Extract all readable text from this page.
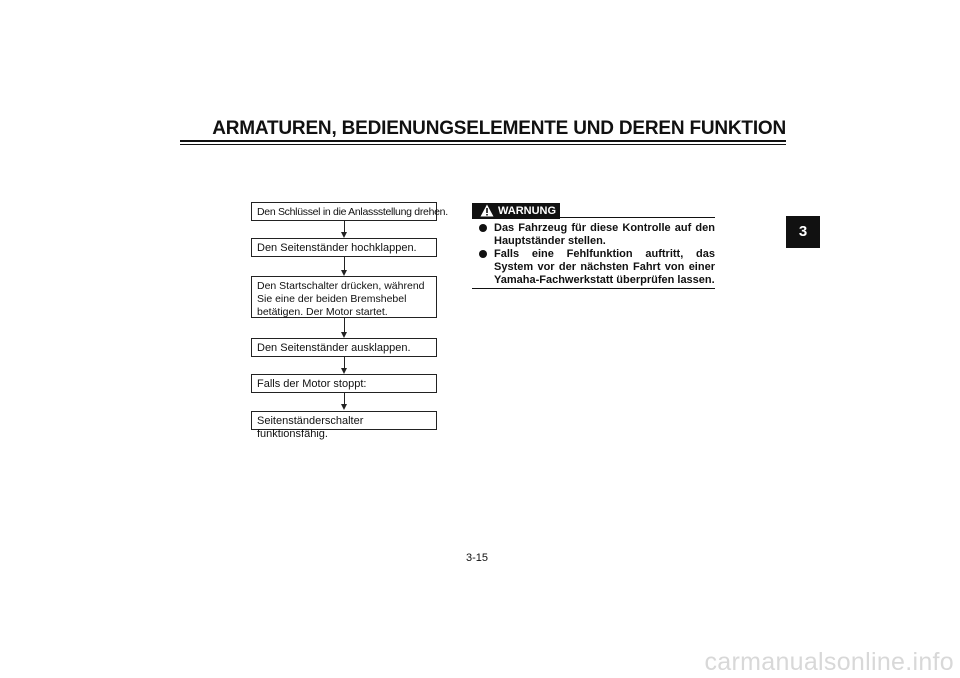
ARMATUREN, BEDIENUNGSELEMENTE UND DEREN FUNKTION
3
Den Schlüssel in die Anlassstellung drehen.
Den Seitenständer hochklappen.
Den Startschalter drücken, während Sie eine der beiden Bremshebel betätigen. Der Motor startet.
Den Seitenständer ausklappen.
Falls der Motor stoppt:
Seitenständerschalter funktionsfähig.
WARNUNG
Das Fahrzeug für diese Kontrolle auf den Hauptständer stellen.
Falls eine Fehlfunktion auftritt, das System vor der nächsten Fahrt von einer Yamaha-Fachwerkstatt überprüfen lassen.
3-15
carmanualsonline.info
